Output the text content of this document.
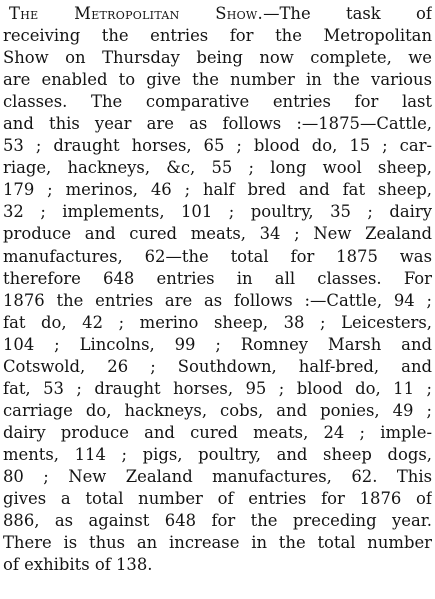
The Metropolitan Show.—The task of
receiving the entries for the Metropolitan
Show on Thursday being now complete, we
are enabled to give the number in the various
classes. The comparative entries for last
and this year are as follows :—1875—Cattle,
53 ; draught horses, 65 ; blood do, 15 ; car-
riage, hackneys, &c, 55 ; long wool sheep,
179 ; merinos, 46 ; half bred and fat sheep,
32 ; implements, 101 ; poultry, 35 ; dairy
produce and cured meats, 34 ; New Zealand
manufactures, 62—the total for 1875 was
therefore 648 entries in all classes. For
1876 the entries are as follows :—Cattle, 94 ;
fat do, 42 ; merino sheep, 38 ; Leicesters,
104 ; Lincolns, 99 ; Romney Marsh and
Cotswold, 26 ; Southdown, half-bred, and
fat, 53 ; draught horses, 95 ; blood do, 11 ;
carriage do, hackneys, cobs, and ponies, 49 ;
dairy produce and cured meats, 24 ; imple-
ments, 114 ; pigs, poultry, and sheep dogs,
80 ; New Zealand manufactures, 62. This
gives a total number of entries for 1876 of
886, as against 648 for the preceding year.
There is thus an increase in the total number
of exhibits of 138.
